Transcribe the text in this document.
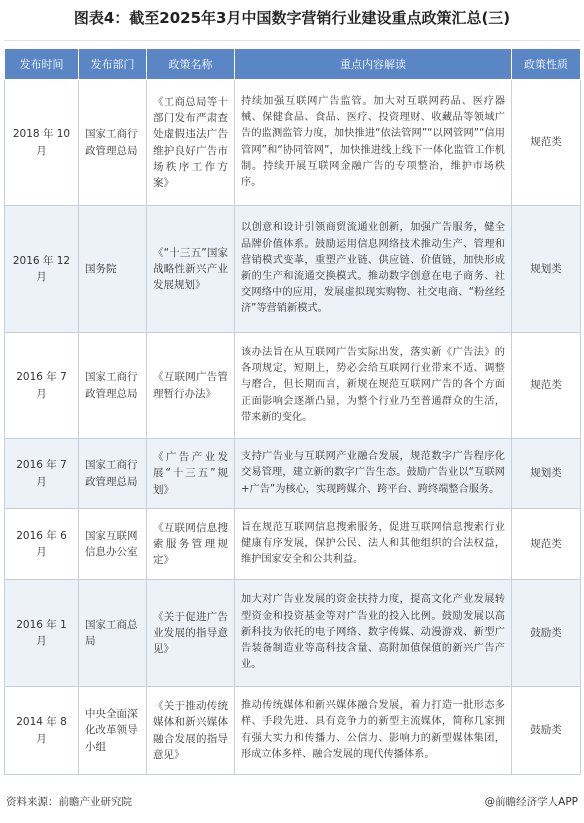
图表4：截至2025年3月中国数字营销行业建设重点政策汇总(三)
发布时间	发布部门	政策名称	重点内容解读	政策性质
2018 年 10 月	国家工商行政管理总局	《工商总局等十部门发布严肃查处虚假违法广告维护良好广告市场秩序工作方案》	持续加强互联网广告监管。加大对互联网药品、医疗器械、保健食品、食品、医疗、投资理财、收藏品等领域广告的监测监管力度，加快推进“依法管网”“以网管网”“信用管网”和“协同管网”，加快推进线上线下一体化监管工作机制。持续开展互联网金融广告的专项整治，维护市场秩序。	规范类
2016 年 12 月	国务院	《“十三五”国家战略性新兴产业发展规划》	以创意和设计引领商贸流通业创新，加强广告服务，健全品牌价值体系。鼓励运用信息网络技术推动生产、管理和营销模式变革，重塑产业链、供应链、价值链，加快形成新的生产和流通交换模式。推动数字创意在电子商务、社交网络中的应用，发展虚拟现实购物、社交电商、“粉丝经济”等营销新模式。	规划类
2016 年 7 月	国家工商行政管理总局	《互联网广告管理暂行办法》	该办法旨在从互联网广告实际出发，落实新《广告法》的各项规定，短期上，势必会给互联网行业带来不适、调整与磨合，但长期而言，新规在规范互联网广告的各个方面正面影响会逐渐凸显，为整个行业乃至普通群众的生活，带来新的变化。	规范类
2016 年 7 月	国家工商行政管理总局	《广告产业发展“十三五”规划》	支持广告业与互联网产业融合发展，规范数字广告程序化交易管理，建立新的数字广告生态。鼓励广告业以“互联网+广告”为核心，实现跨媒介、跨平台、跨终端整合服务。	规划类
2016 年 6 月	国家互联网信息办公室	《互联网信息搜索服务管理规定》	旨在规范互联网信息搜索服务，促进互联网信息搜索行业健康有序发展，保护公民、法人和其他组织的合法权益，维护国家安全和公共利益。	规范类
2016 年 1 月	国家工商总局	《关于促进广告业发展的指导意见》	加大对广告业发展的资金扶持力度，提高文化产业发展转型资金和投资基金等对广告业的投入比例。鼓励发展以高新科技为依托的电子网络、数字传媒、动漫游戏、新型广告装备制造业等高科技含量、高附加值保值的新兴广告产业。	鼓励类
2014 年 8 月	中央全面深化改革领导小组	《关于推动传统媒体和新兴媒体融合发展的指导意见》	推动传统媒体和新兴媒体融合发展，着力打造一批形态多样、手段先进、具有竞争力的新型主流媒体，简称几家拥有强大实力和传播力、公信力、影响力的新型媒体集团，形成立体多样、融合发展的现代传播体系。	鼓励类
资料来源：前瞻产业研究院	@前瞻经济学人APP
